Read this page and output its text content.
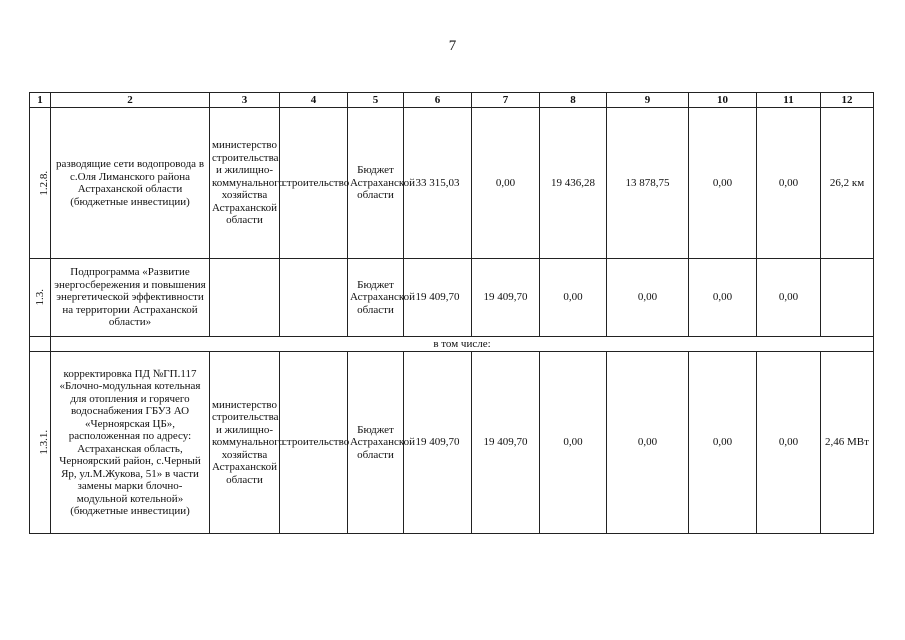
7
1	2	3	4	5	6	7	8	9	10	11	12
1.2.8.	разводящие сети водопровода в с.Оля Лиманского района Астраханской области (бюджетные инвестиции)	министерство строительства и жилищно-коммунального хозяйства Астраханской области	строительство	Бюджет Астраханской области	33 315,03	0,00	19 436,28	13 878,75	0,00	0,00	26,2 км
1.3.	Подпрограмма «Развитие энергосбережения и повышения энергетической эффективности на территории Астраханской области»			Бюджет Астраханской области	19 409,70	19 409,70	0,00	0,00	0,00	0,00	
	в том числе:										
1.3.1.	корректировка ПД №ГП.117 «Блочно-модульная котельная для отопления и горячего водоснабжения ГБУЗ АО «Черноярская ЦБ», расположенная по адресу: Астраханская область, Черноярский район, с.Черный Яр, ул.М.Жукова, 51» в части замены марки блочно-модульной котельной» (бюджетные инвестиции)	министерство строительства и жилищно-коммунального хозяйства Астраханской области	строительство	Бюджет Астраханской области	19 409,70	19 409,70	0,00	0,00	0,00	0,00	2,46 МВт
